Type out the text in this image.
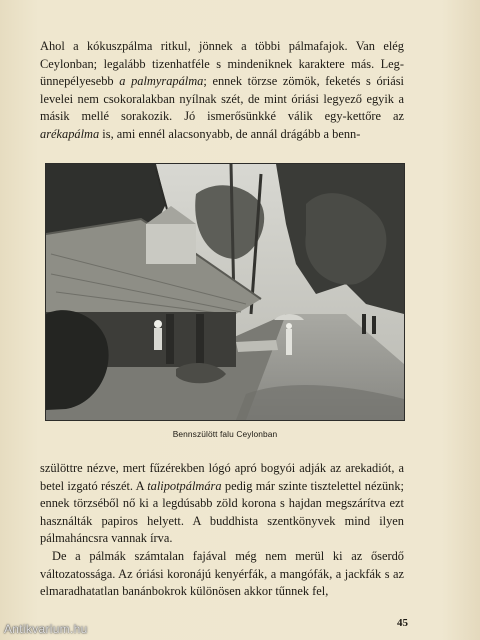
Ahol a kókuszpálma ritkul, jönnek a többi pálmafajok. Van elég Ceylonban; legalább tizenhatféle s mindeniknek karaktere más. Leg-ünnepélyesebb a palmyrapálma; ennek törzse zömök, feketés s óriási levelei nem csokoralakban nyílnak szét, de mint óriási legyező egyik a másik mellé sorakozik. Jó ismerősünkké válik egy-kettőre az arékapálma is, ami ennél alacsonyabb, de annál drágább a benn-

Bennszülött falu Ceylonban

szülöttre nézve, mert fűzérekben lógó apró bogyói adják az arekadiót, a betel izgató részét. A talipotpálmára pedig már szinte tisztelettel nézünk; ennek törzséből nő ki a legdúsabb zöld korona s hajdan megszárítva ezt használták papiros helyett. A buddhista szentkönyvek mind ilyen pálmaháncsra vannak írva.

De a pálmák számtalan fajával még nem merül ki az őserdő változatossága. Az óriási koronájú kenyérfák, a mangófák, a jackfák s az elmaradhatatlan banánbokrok különösen akkor tűnnek fel,

45
Antikvarium.hu
